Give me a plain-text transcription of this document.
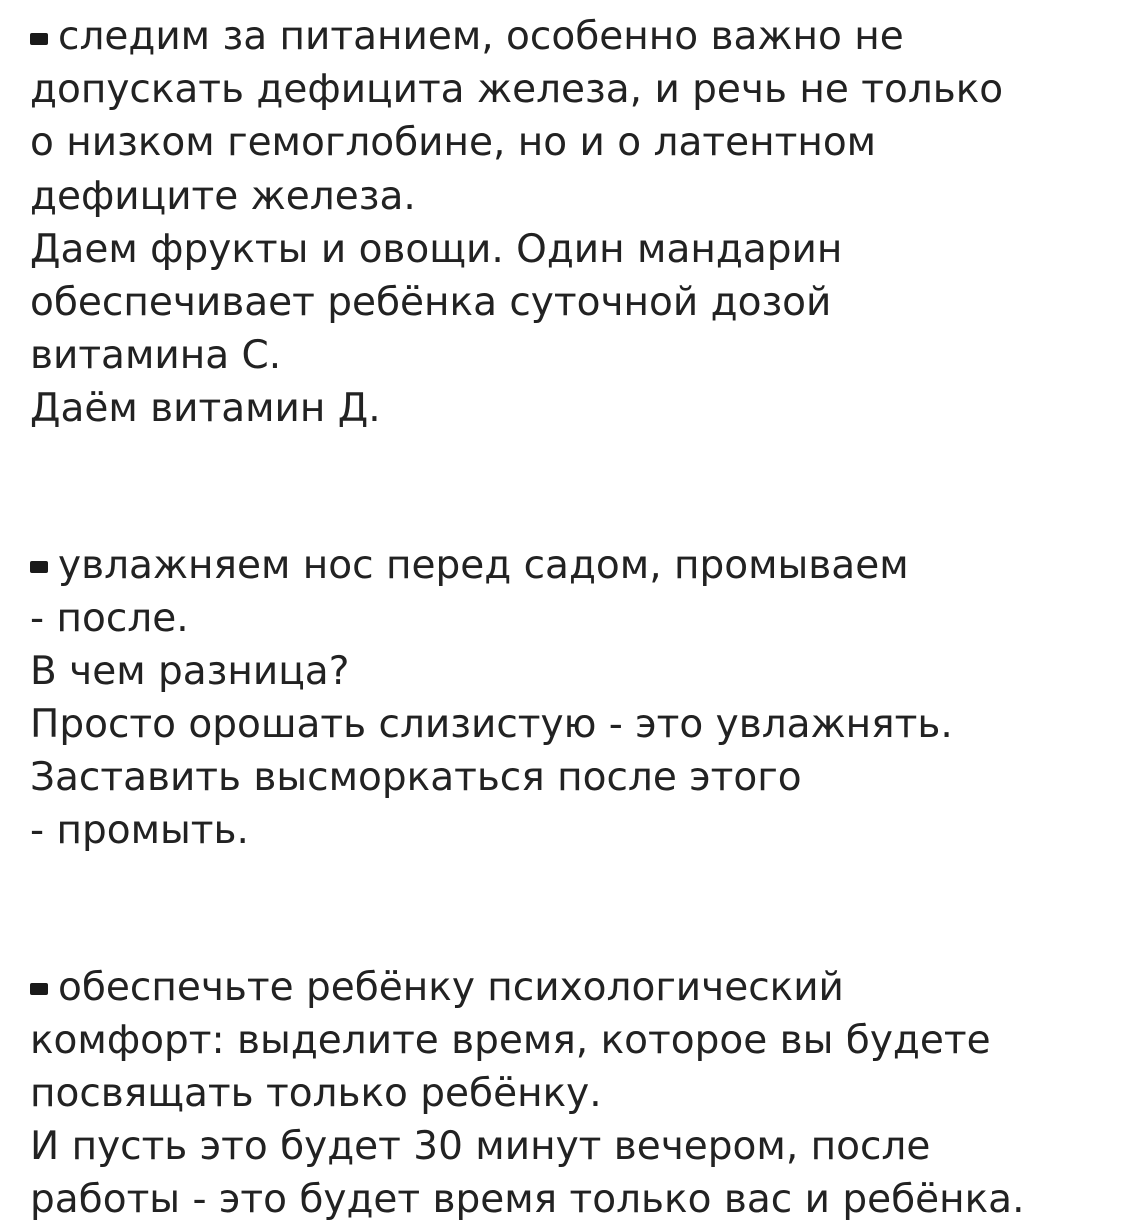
следим за питанием, особенно важно не
допускать дефицита железа, и речь не только
о низком гемоглобине, но и о латентном
дефиците железа.
Даем фрукты и овощи. Один мандарин
обеспечивает ребёнка суточной дозой
витамина С.
Даём витамин Д.
увлажняем нос перед садом, промываем
- после.
В чем разница?
Просто орошать слизистую - это увлажнять.
Заставить высморкаться после этого
- промыть.
обеспечьте ребёнку психологический
комфорт: выделите время, которое вы будете
посвящать только ребёнку.
И пусть это будет 30 минут вечером, после
работы - это будет время только вас и ребёнка.
